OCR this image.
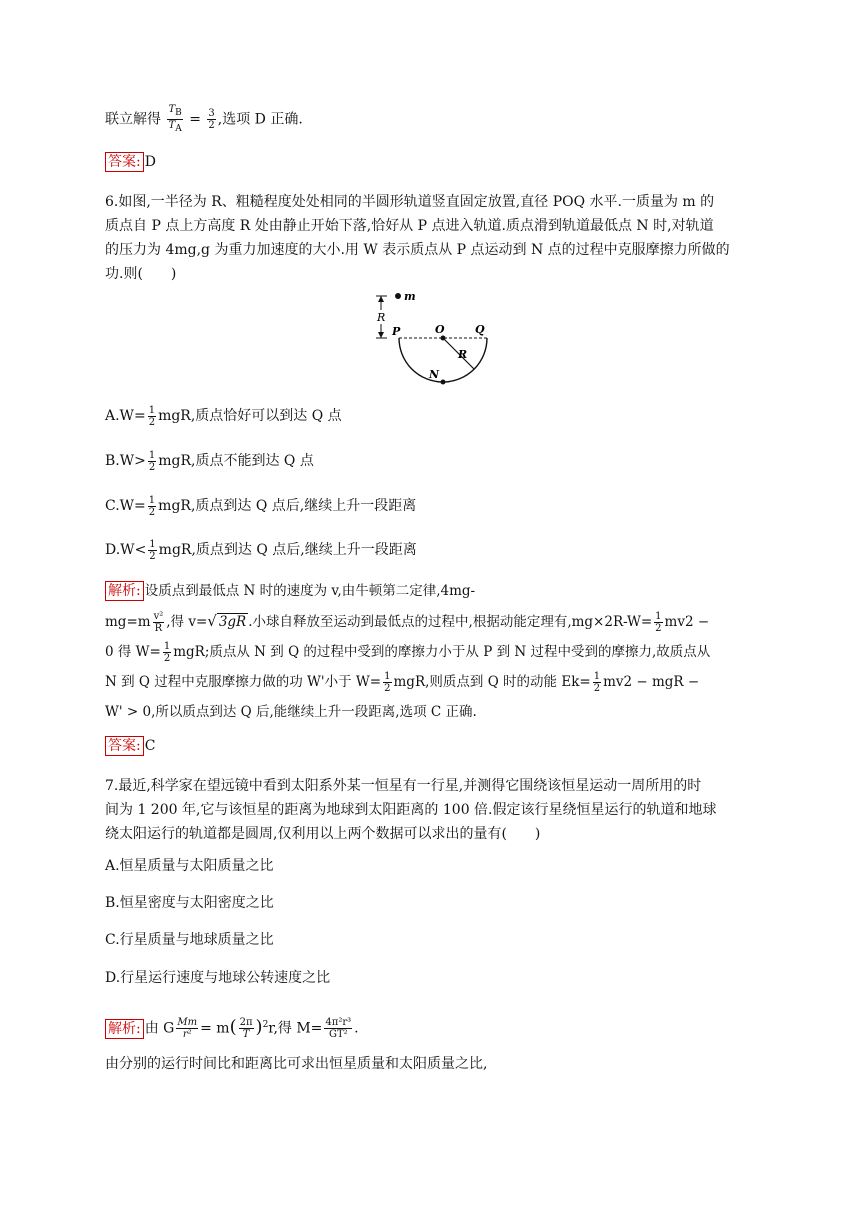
联立解得 $\frac{T_B}{T_A} = \frac{3}{2}$ ,选项 D 正确.
答案: D
6.如图,一半径为 R、粗糙程度处处相同的半圆形轨道竖直固定放置,直径 POQ 水平.一质量为 m 的
质点自 P 点上方高度 R 处由静止开始下落,恰好从 P 点进入轨道.质点滑到轨道最低点 N 时,对轨道
的压力为 4mg,g 为重力加速度的大小.用 W 表示质点从 P 点运动到 N 点的过程中克服摩擦力所做的
功.则(　　)
R
m
P	O	Q
R
N
$A.W= \frac{1}{2}$ mgR,质点恰好可以到达 Q 点
$B.W> \frac{1}{2}$ mgR,质点不能到达 Q 点
$C.W= \frac{1}{2}$ mgR,质点到达 Q 点后,继续上升一段距离
$D.W< \frac{1}{2}$ mgR,质点到达 Q 点后,继续上升一段距离
解析: 设质点到最低点 N 时的速度为 v,由牛顿第二定律,4mg-
$mg=m \frac{\text{v²}}{R}$ ,得 v=√ 3gR .小球自释放至运动到最低点的过程中,根据动能定理有$,mg\times 2R-W= \frac{1}{2} mv2$ −
0 得 $W= \frac{1}{2}$ mgR;质点从 N 到 Q 的过程中受到的摩擦力小于从 P 到 N 过程中受到的摩擦力,故质点从
N 到 Q 过程中克服摩擦力做的功 W'小于 $W= \frac{1}{2}$ mgR,则质点到 Q 时的动能 $Ek= \frac{1}{2} mv2$ − mgR −
W' > 0,所以质点到达 Q 后,能继续上升一段距离,选项 C 正确.
答案: C
7.最近,科学家在望远镜中看到太阳系外某一恒星有一行星,并测得它围绕该恒星运动一周所用的时
间为 1 200 年,它与该恒星的距离为地球到太阳距离的 100 倍.假定该行星绕恒星运行的轨道和地球
绕太阳运行的轨道都是圆周,仅利用以上两个数据可以求出的量有(　　)
A.恒星质量与太阳质量之比
B.恒星密度与太阳密度之比
C.行星质量与地球质量之比
D.行星运行速度与地球公转速度之比
解析: 由 G $\frac{Mm}{\text{r²}} = m( \frac{2\pi}{T} )^2r$,得 $M= \frac{\text{4π²r³}}{\text{GT²}}$ .
由分别的运行时间比和距离比可求出恒星质量和太阳质量之比,
